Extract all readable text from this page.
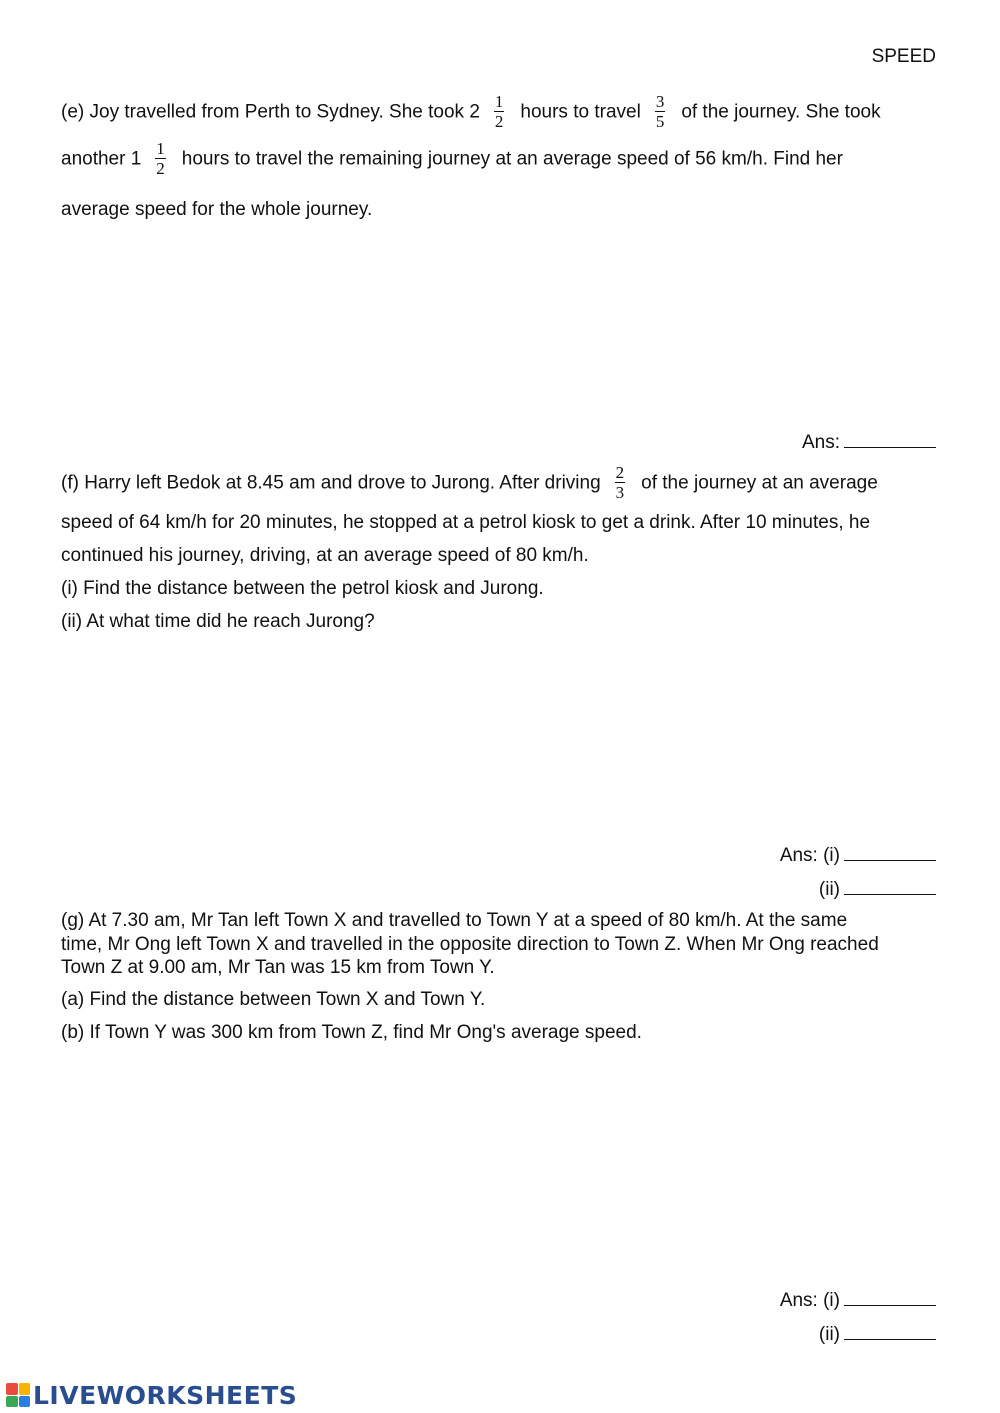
SPEED
(e) Joy travelled from Perth to Sydney. She took $2 \frac{1}{2}$ hours to travel $\frac{3}{5}$ of the journey. She took
another $1 \frac{1}{2}$ hours to travel the remaining journey at an average speed of 56 km/h. Find her
average speed for the whole journey.
Ans:
(f) Harry left Bedok at 8.45 am and drove to Jurong. After driving $\frac{2}{3}$ of the journey at an average
speed of 64 km/h for 20 minutes, he stopped at a petrol kiosk to get a drink. After 10 minutes, he
continued his journey, driving, at an average speed of 80 km/h.
(i) Find the distance between the petrol kiosk and Jurong.
(ii) At what time did he reach Jurong?
Ans: (i)
(ii)
(g) At 7.30 am, Mr Tan left Town X and travelled to Town Y at a speed of 80 km/h. At the same
time, Mr Ong left Town X and travelled in the opposite direction to Town Z. When Mr Ong reached
Town Z at 9.00 am, Mr Tan was 15 km from Town Y.
(a) Find the distance between Town X and Town Y.
(b) If Town Y was 300 km from Town Z, find Mr Ong's average speed.
Ans: (i)
(ii)
LIVEWORKSHEETS
